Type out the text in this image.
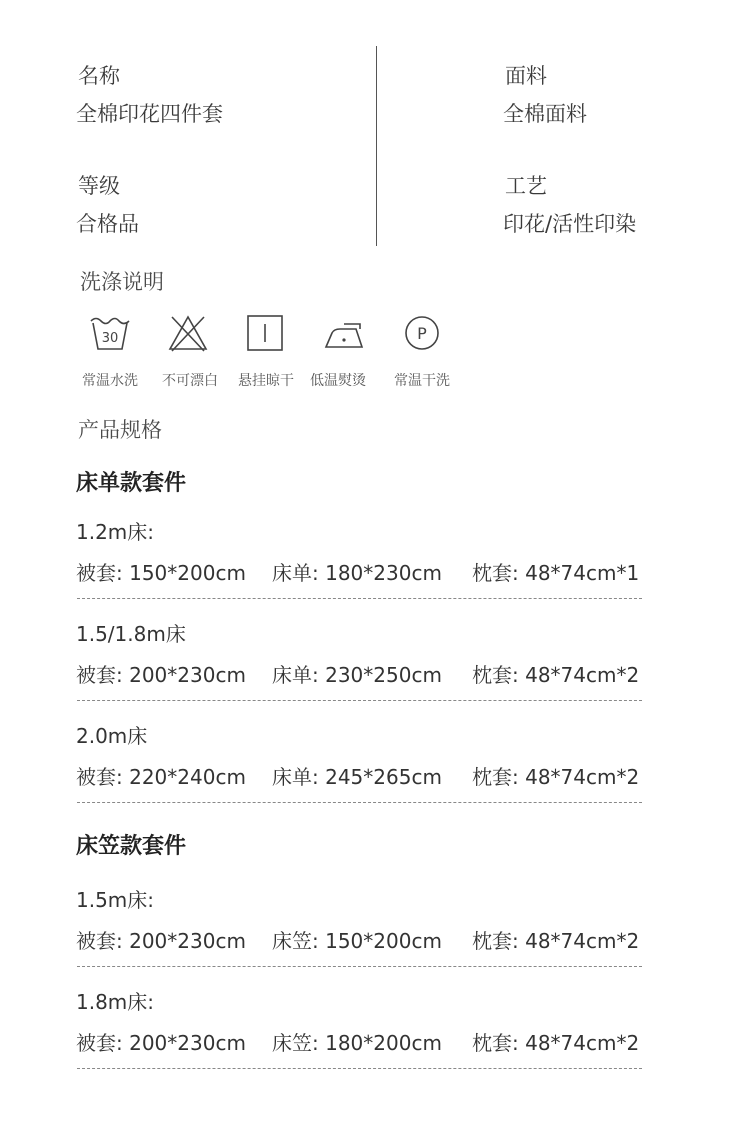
名称
全棉印花四件套
面料
全棉面料
等级
合格品
工艺
印花/活性印染
洗涤说明
30	P
常温水洗 不可漂白 悬挂晾干 低温熨烫 常温干洗
产品规格
床单款套件
1.2m床:
被套: 150*200cm 床单: 180*230cm 枕套: 48*74cm*1
1.5/1.8m床
被套: 200*230cm 床单: 230*250cm 枕套: 48*74cm*2
2.0m床
被套: 220*240cm 床单: 245*265cm 枕套: 48*74cm*2
床笠款套件
1.5m床:
被套: 200*230cm 床笠: 150*200cm 枕套: 48*74cm*2
1.8m床:
被套: 200*230cm 床笠: 180*200cm 枕套: 48*74cm*2
